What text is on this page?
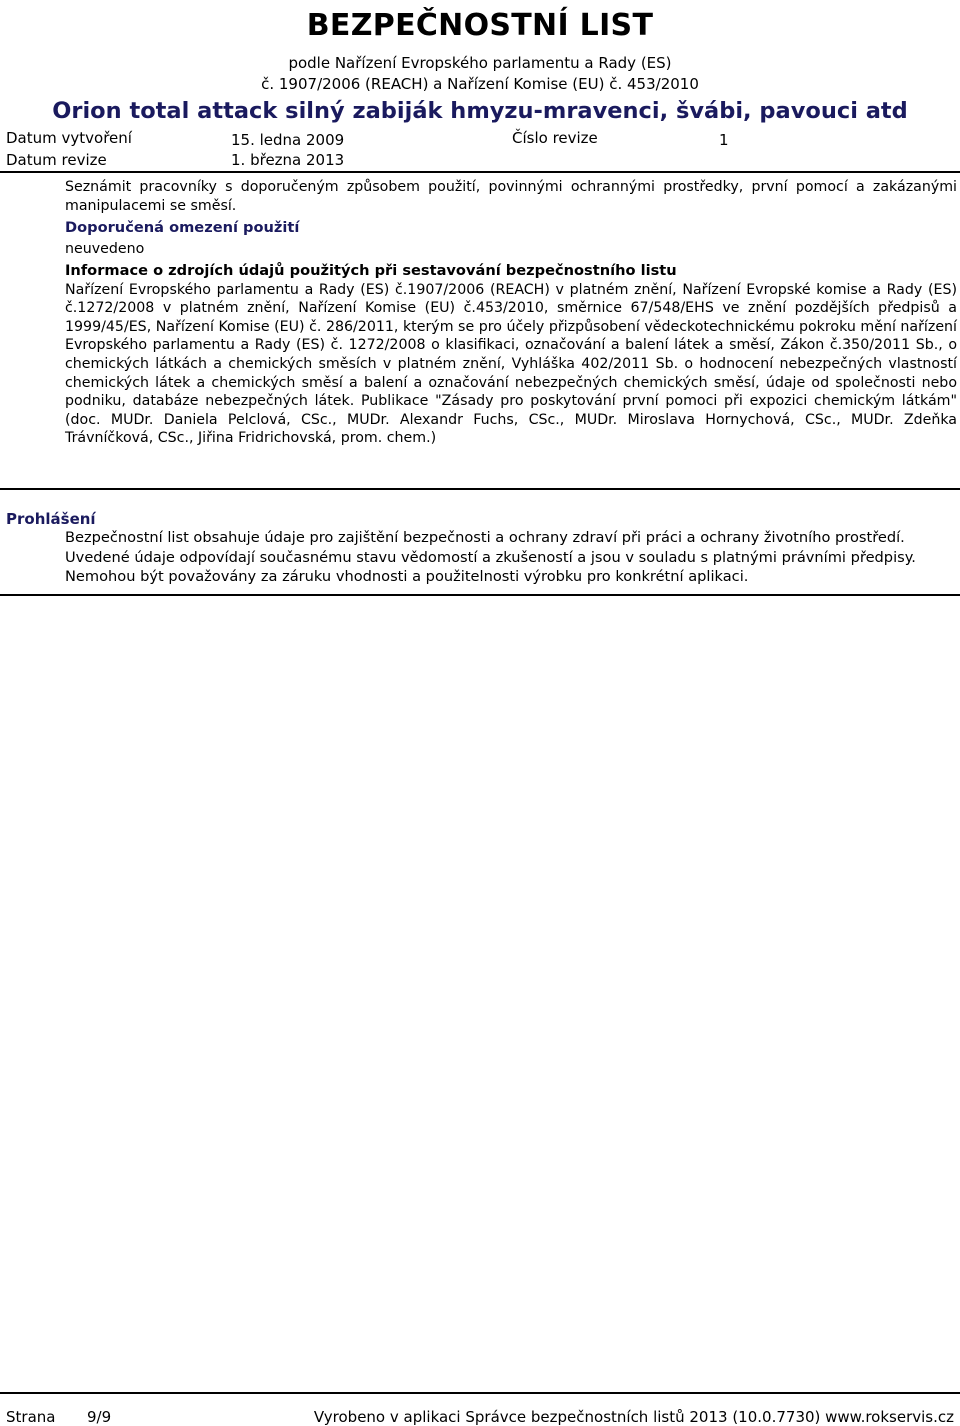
BEZPEČNOSTNÍ LIST
podle Nařízení Evropského parlamentu a Rady (ES)
č. 1907/2006 (REACH) a Nařízení Komise (EU) č. 453/2010
Orion total attack silný zabiják hmyzu-mravenci, švábi, pavouci atd
Datum vytvoření	15. ledna 2009	Číslo revize	1
Datum revize	1. března 2013
Seznámit pracovníky s doporučeným způsobem použití, povinnými ochrannými prostředky, první pomocí a zakázanými manipulacemi se směsí.
Doporučená omezení použití
neuvedeno
Informace o zdrojích údajů použitých při sestavování bezpečnostního listu
Nařízení Evropského parlamentu a Rady (ES) č.1907/2006 (REACH) v platném znění, Nařízení Evropské komise a Rady (ES) č.1272/2008 v platném znění, Nařízení Komise (EU) č.453/2010, směrnice 67/548/EHS ve znění pozdějších předpisů a 1999/45/ES, Nařízení Komise (EU) č. 286/2011, kterým se pro účely přizpůsobení vědeckotechnickému pokroku mění nařízení Evropského parlamentu a Rady (ES) č. 1272/2008 o klasifikaci, označování a balení látek a směsí, Zákon č.350/2011 Sb., o chemických látkách a chemických směsích v platném znění, Vyhláška 402/2011 Sb. o hodnocení nebezpečných vlastností chemických látek a chemických směsí a balení a označování nebezpečných chemických směsí, údaje od společnosti nebo podniku, databáze nebezpečných látek. Publikace "Zásady pro poskytování první pomoci při expozici chemickým látkám" (doc. MUDr. Daniela Pelclová, CSc., MUDr. Alexandr Fuchs, CSc., MUDr. Miroslava Hornychová, CSc., MUDr. Zdeňka Trávníčková, CSc., Jiřina Fridrichovská, prom. chem.)
Prohlášení
Bezpečnostní list obsahuje údaje pro zajištění bezpečnosti a ochrany zdraví při práci a ochrany životního prostředí. Uvedené údaje odpovídají současnému stavu vědomostí a zkušeností a jsou v souladu s platnými právními předpisy. Nemohou být považovány za záruku vhodnosti a použitelnosti výrobku pro konkrétní aplikaci.
Strana 9/9	Vyrobeno v aplikaci Správce bezpečnostních listů 2013 (10.0.7730) www.rokservis.cz
